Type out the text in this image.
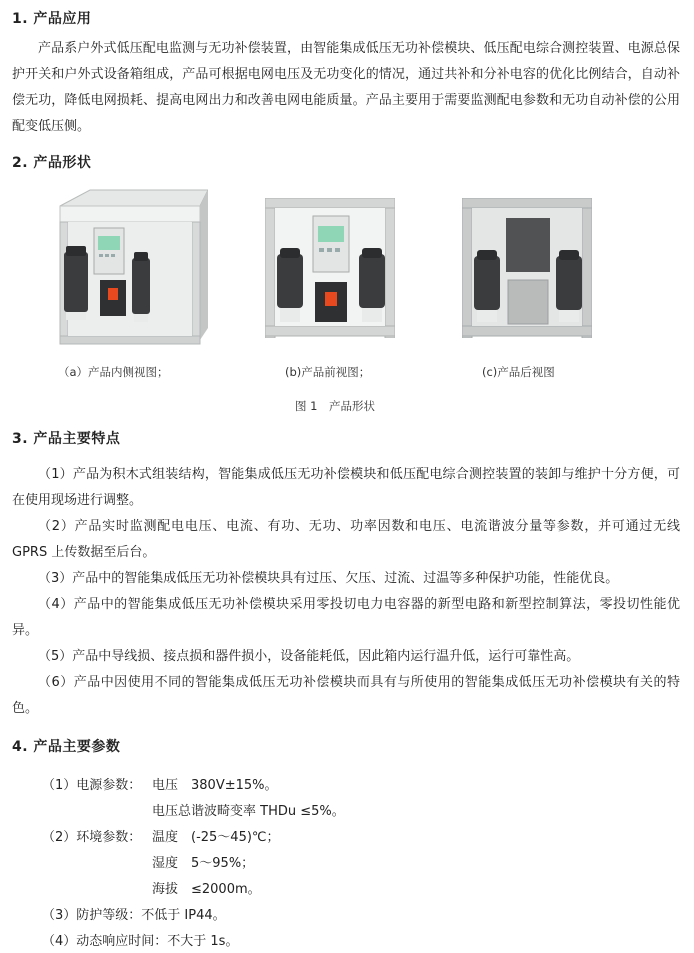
1. 产品应用
产品系户外式低压配电监测与无功补偿装置，由智能集成低压无功补偿模块、低压配电综合测控装置、电源总保护开关和户外式设备箱组成，产品可根据电网电压及无功变化的情况，通过共补和分补电容的优化比例结合，自动补偿无功，降低电网损耗、提高电网出力和改善电网电能质量。产品主要用于需要监测配电参数和无功自动补偿的公用配变低压侧。
2. 产品形状
（a）产品内侧视图；	(b)产品前视图；	(c)产品后视图
图 1　产品形状
3. 产品主要特点
（1）产品为积木式组装结构，智能集成低压无功补偿模块和低压配电综合测控装置的装卸与维护十分方便，可在使用现场进行调整。
（2）产品实时监测配电电压、电流、有功、无功、功率因数和电压、电流谐波分量等参数，并可通过无线 GPRS 上传数据至后台。
（3）产品中的智能集成低压无功补偿模块具有过压、欠压、过流、过温等多种保护功能，性能优良。
（4）产品中的智能集成低压无功补偿模块采用零投切电力电容器的新型电路和新型控制算法，零投切性能优异。
（5）产品中导线损、接点损和器件损小，设备能耗低，因此箱内运行温升低，运行可靠性高。
（6）产品中因使用不同的智能集成低压无功补偿模块而具有与所使用的智能集成低压无功补偿模块有关的特色。
4. 产品主要参数
（1）电源参数： 电压　380V±15%。
电压总谐波畸变率 THDu ≤5%。
（2）环境参数： 温度　(-25～45)℃；
湿度　5～95%；
海拔　≤2000m。
（3）防护等级：不低于 IP44。
（4）动态响应时间：不大于 1s。
